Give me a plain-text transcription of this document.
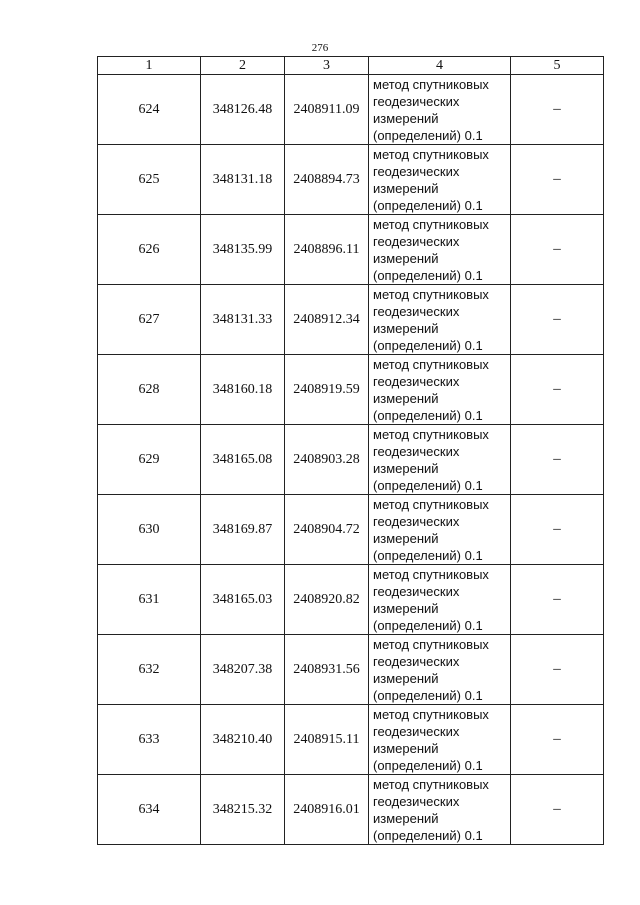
276
1	2	3	4	5
624	348126.48	2408911.09	метод спутниковых геодезических измерений (определений) 0.1	–
625	348131.18	2408894.73	метод спутниковых геодезических измерений (определений) 0.1	–
626	348135.99	2408896.11	метод спутниковых геодезических измерений (определений) 0.1	–
627	348131.33	2408912.34	метод спутниковых геодезических измерений (определений) 0.1	–
628	348160.18	2408919.59	метод спутниковых геодезических измерений (определений) 0.1	–
629	348165.08	2408903.28	метод спутниковых геодезических измерений (определений) 0.1	–
630	348169.87	2408904.72	метод спутниковых геодезических измерений (определений) 0.1	–
631	348165.03	2408920.82	метод спутниковых геодезических измерений (определений) 0.1	–
632	348207.38	2408931.56	метод спутниковых геодезических измерений (определений) 0.1	–
633	348210.40	2408915.11	метод спутниковых геодезических измерений (определений) 0.1	–
634	348215.32	2408916.01	метод спутниковых геодезических измерений (определений) 0.1	–
